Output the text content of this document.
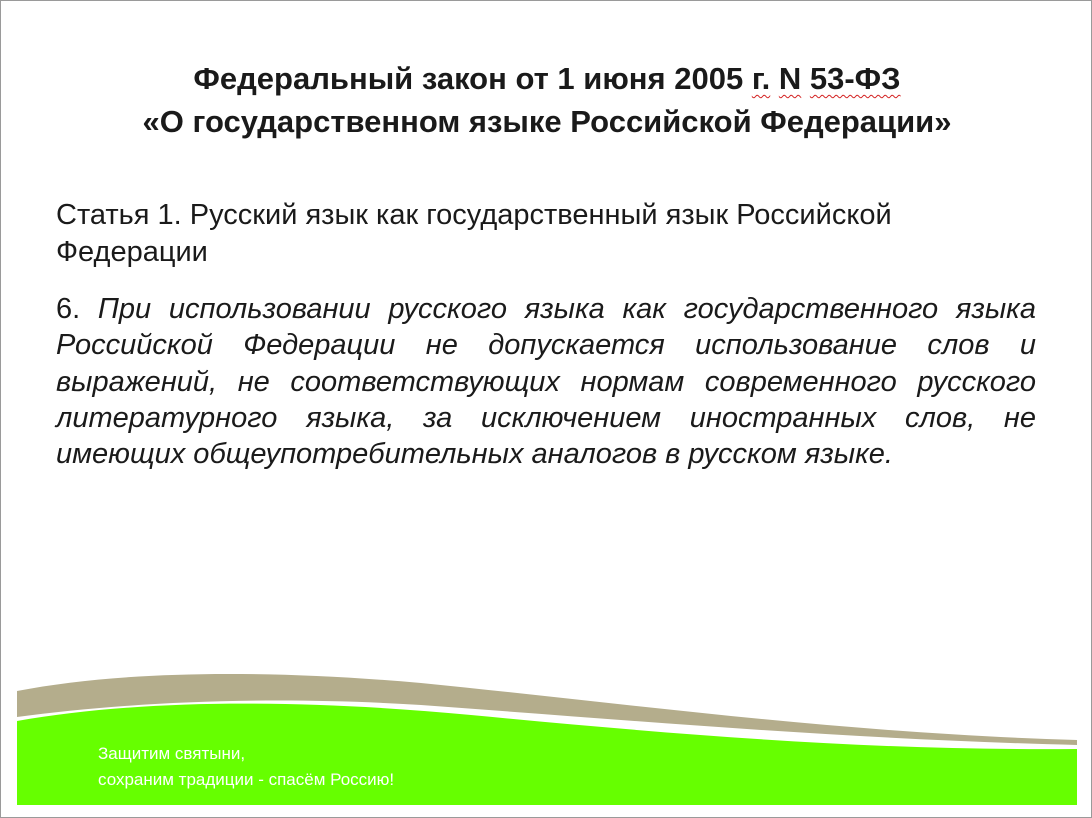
Федеральный закон от 1 июня 2005 г. N 53-ФЗ
«О государственном языке Российской Федерации»
Статья 1. Русский язык как государственный язык Российской Федерации
6. При использовании русского языка как государственного языка Российской Федерации не допускается использование слов и выражений, не соответствующих нормам современного русского литературного языка, за исключением иностранных слов, не имеющих общеупотребительных аналогов в русском языке.
Защитим святыни,
сохраним традиции - спасём Россию!
